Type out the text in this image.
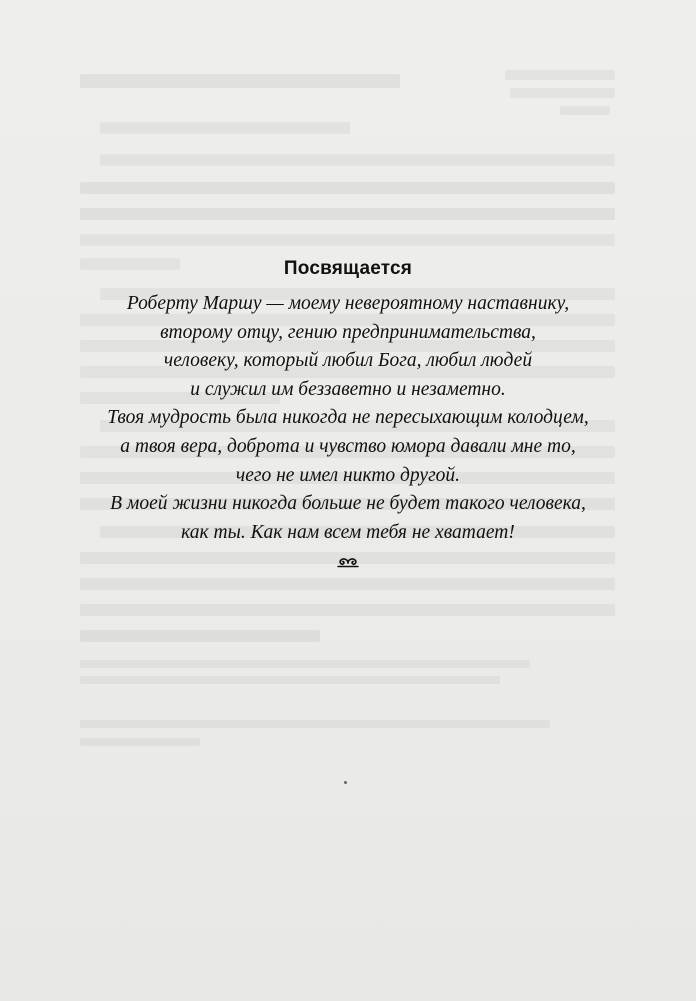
Посвящается
Роберту Маршу — моему невероятному наставнику,
второму отцу, гению предпринимательства,
человеку, который любил Бога, любил людей
и служил им беззаветно и незаметно.
Твоя мудрость была никогда не пересыхающим колодцем,
а твоя вера, доброта и чувство юмора давали мне то,
чего не имел никто другой.
В моей жизни никогда больше не будет такого человека,
как ты. Как нам всем тебя не хватает!
